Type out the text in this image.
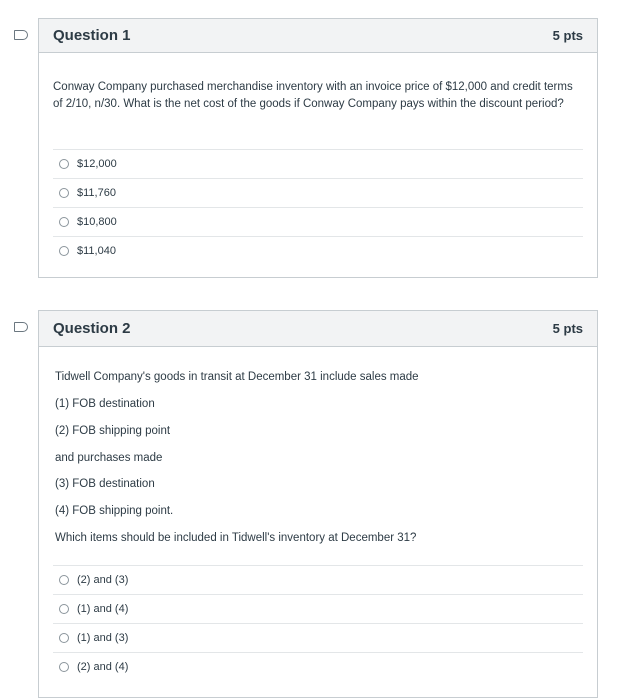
Question 1	5 pts
Conway Company purchased merchandise inventory with an invoice price of $12,000 and credit terms of 2/10, n/30. What is the net cost of the goods if Conway Company pays within the discount period?
$12,000
$11,760
$10,800
$11,040
Question 2	5 pts
Tidwell Company's goods in transit at December 31 include sales made
(1) FOB destination
(2) FOB shipping point
and purchases made
(3) FOB destination
(4) FOB shipping point.
Which items should be included in Tidwell's inventory at December 31?
(2) and (3)
(1) and (4)
(1) and (3)
(2) and (4)
